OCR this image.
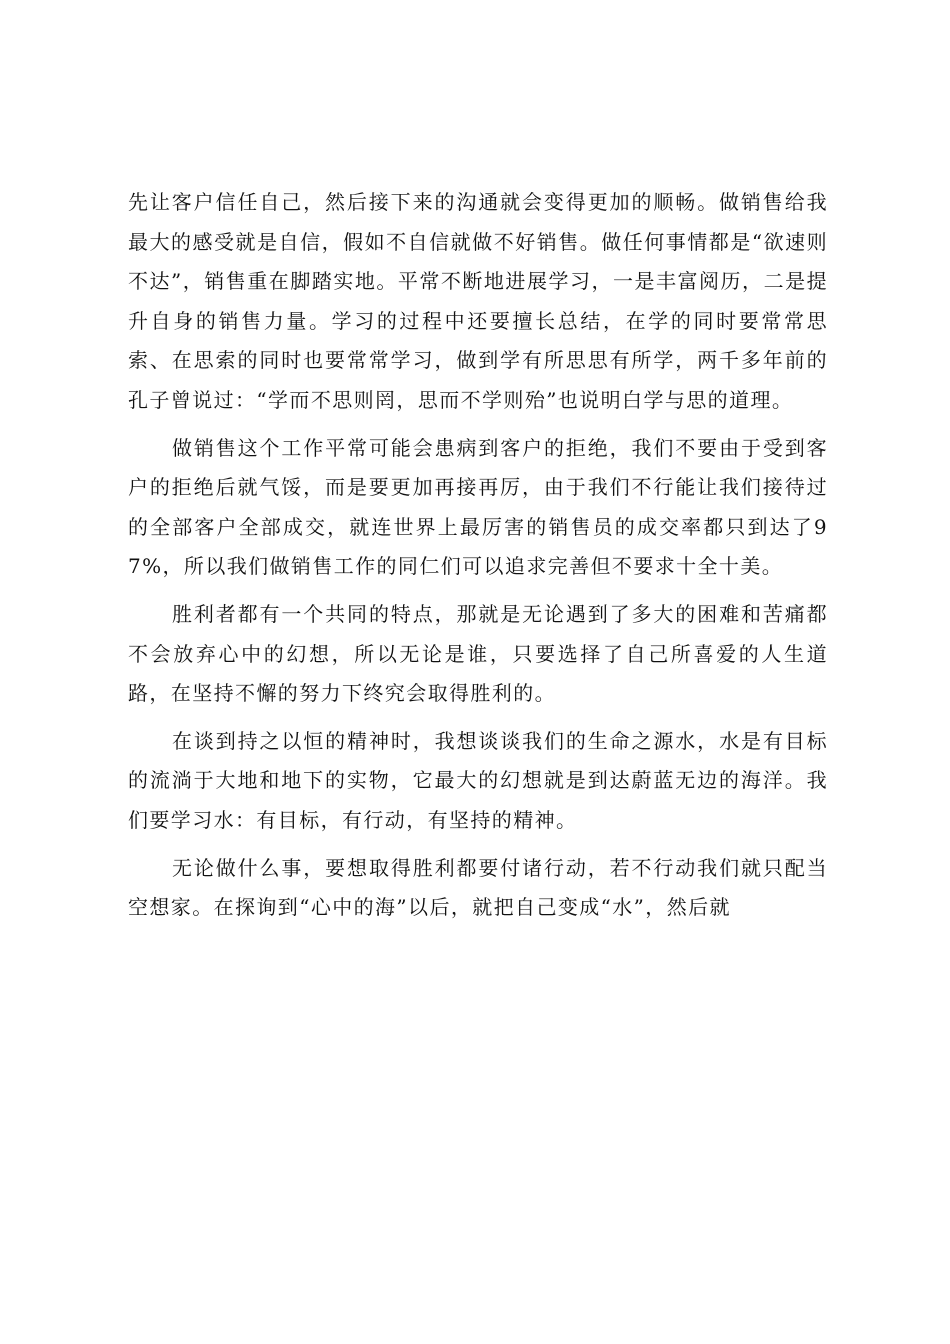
先让客户信任自己，然后接下来的沟通就会变得更加的顺畅。做销售给我最大的感受就是自信，假如不自信就做不好销售。做任何事情都是“欲速则不达”，销售重在脚踏实地。平常不断地进展学习，一是丰富阅历，二是提升自身的销售力量。学习的过程中还要擅长总结，在学的同时要常常思索、在思索的同时也要常常学习，做到学有所思思有所学，两千多年前的孔子曾说过：“学而不思则罔，思而不学则殆”也说明白学与思的道理。

做销售这个工作平常可能会患病到客户的拒绝，我们不要由于受到客户的拒绝后就气馁，而是要更加再接再厉，由于我们不行能让我们接待过的全部客户全部成交，就连世界上最厉害的销售员的成交率都只到达了97%，所以我们做销售工作的同仁们可以追求完善但不要求十全十美。

胜利者都有一个共同的特点，那就是无论遇到了多大的困难和苦痛都不会放弃心中的幻想，所以无论是谁，只要选择了自己所喜爱的人生道路，在坚持不懈的努力下终究会取得胜利的。

在谈到持之以恒的精神时，我想谈谈我们的生命之源水，水是有目标的流淌于大地和地下的实物，它最大的幻想就是到达蔚蓝无边的海洋。我们要学习水：有目标，有行动，有坚持的精神。

无论做什么事，要想取得胜利都要付诸行动，若不行动我们就只配当空想家。在探询到“心中的海”以后，就把自己变成“水”，然后就
